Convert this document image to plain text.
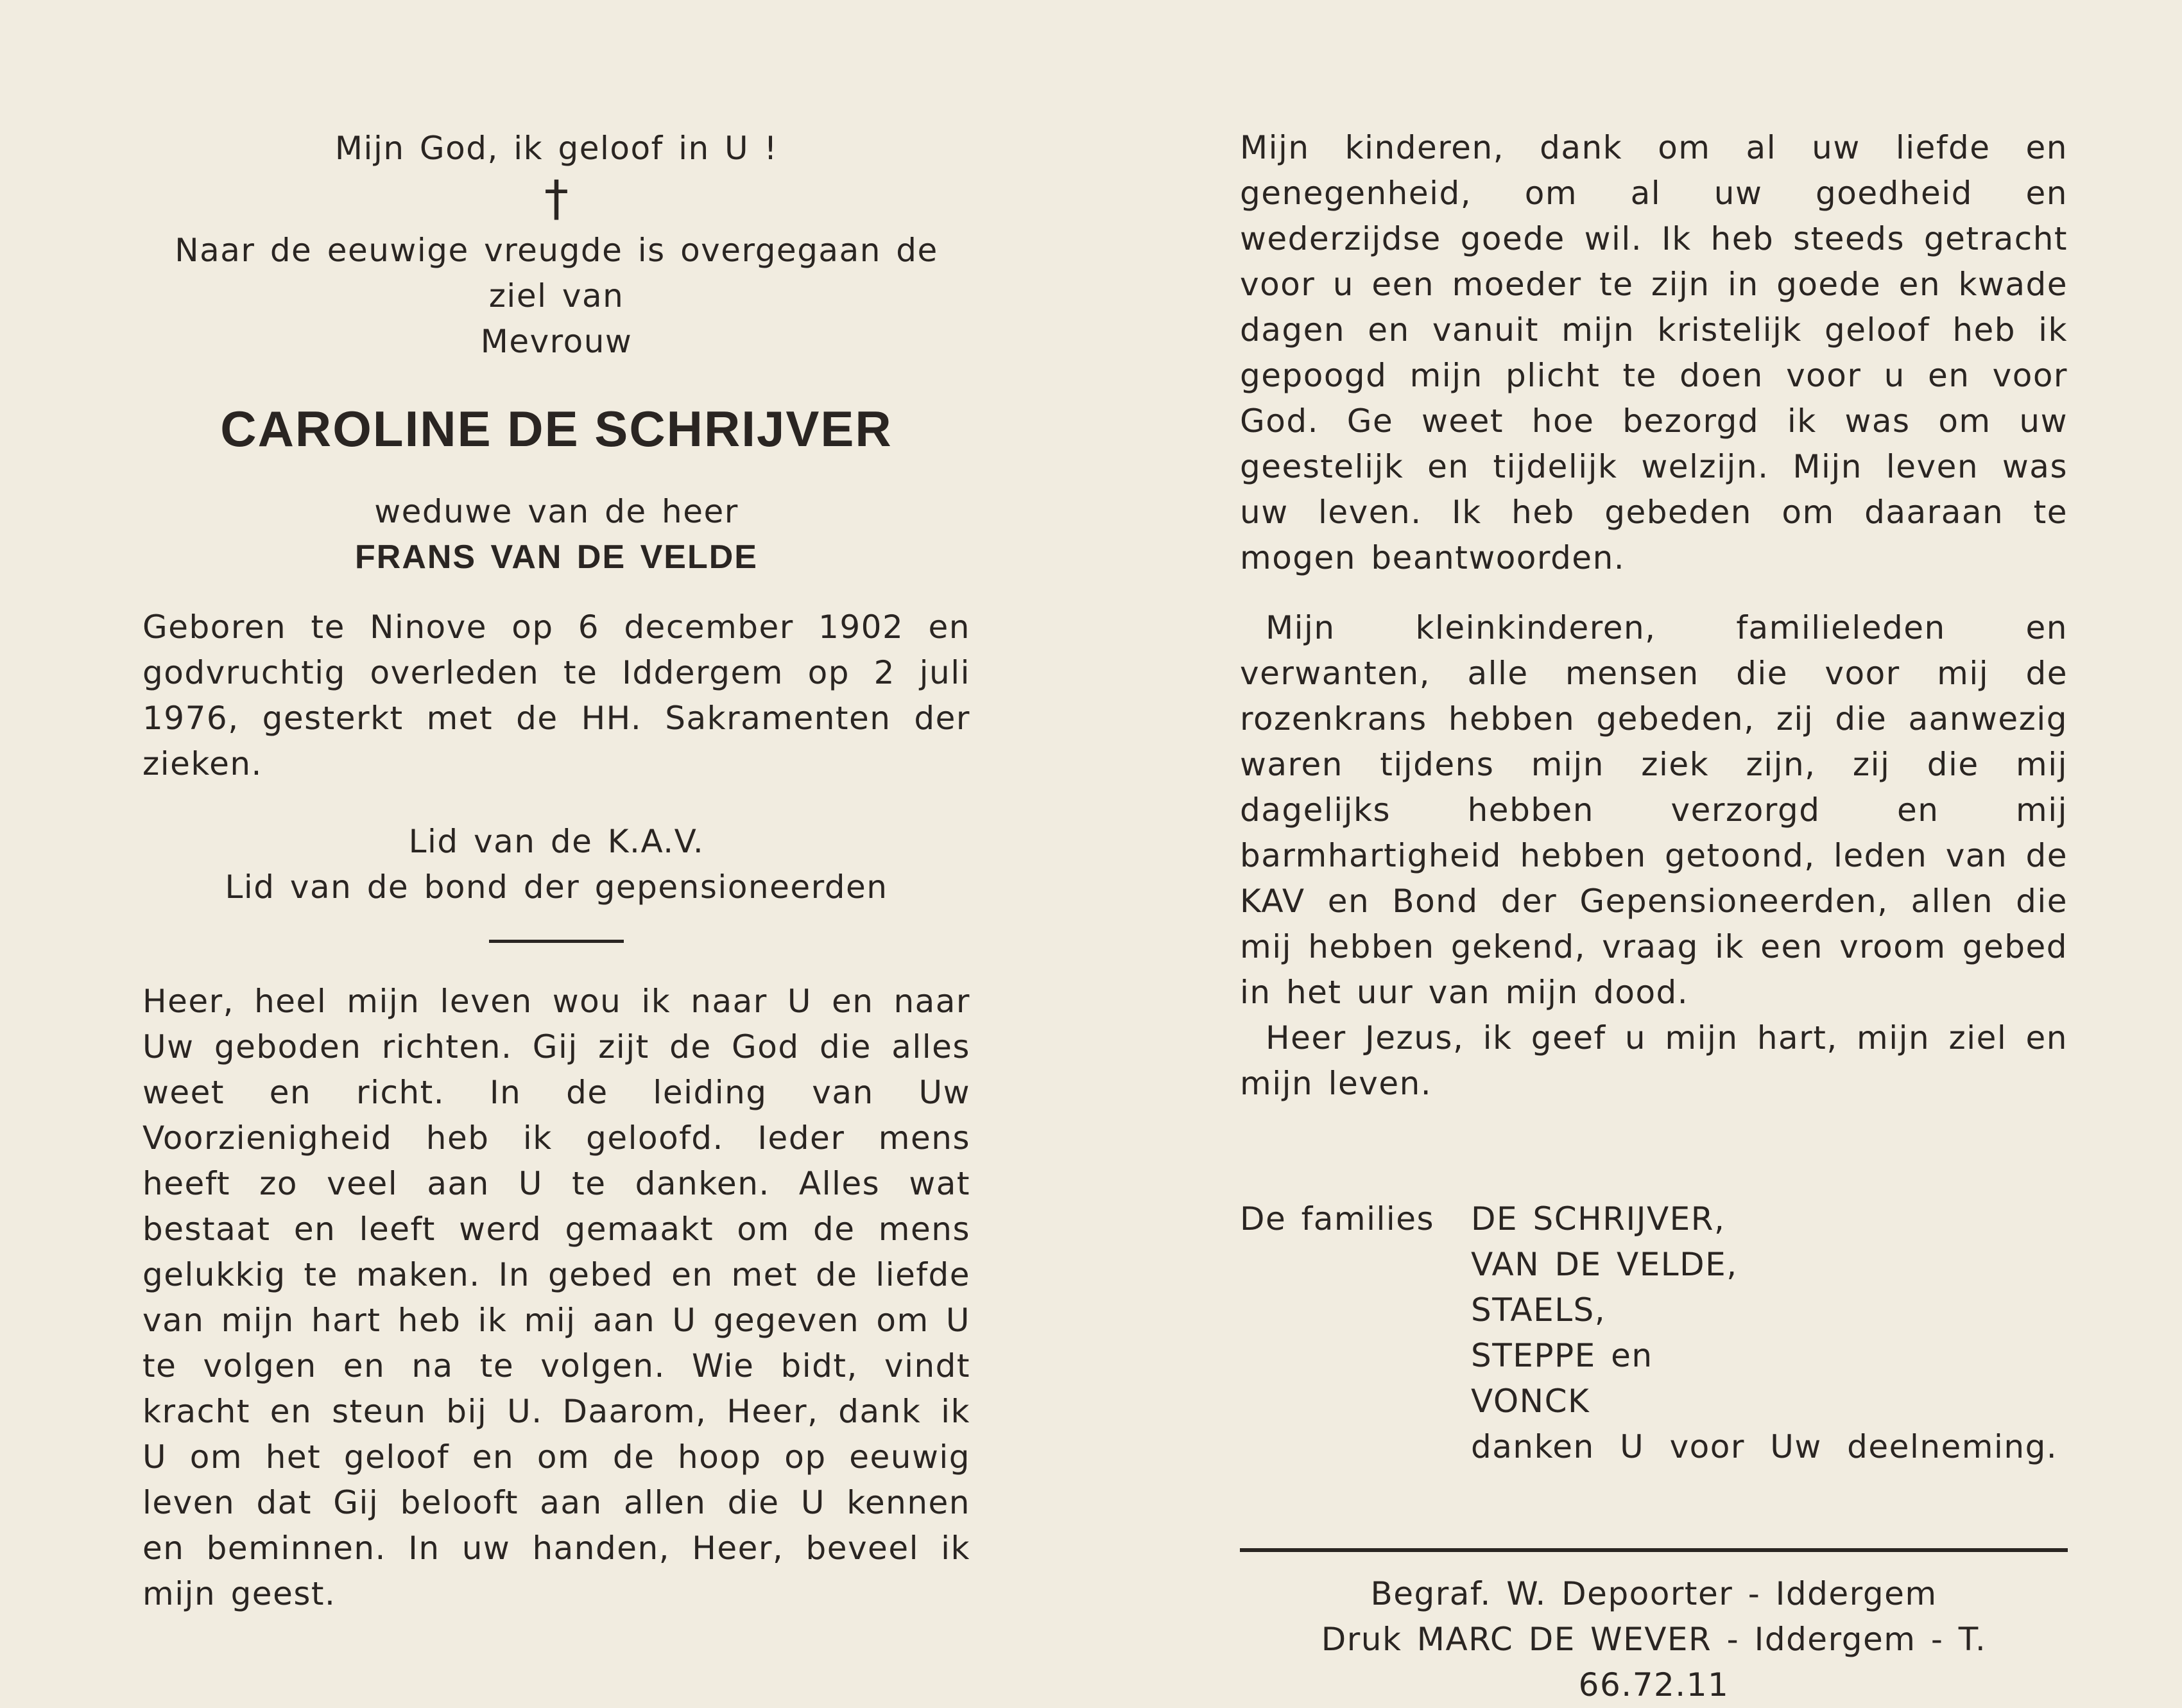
Mijn God, ik geloof in U !

†

Naar de eeuwige vreugde is overgegaan de ziel van

Mevrouw

CAROLINE DE SCHRIJVER

weduwe van de heer

FRANS VAN DE VELDE

Geboren te Ninove op 6 december 1902 en godvruchtig overleden te Iddergem op 2 juli 1976, gesterkt met de HH. Sakramenten der zieken.

Lid van de K.A.V.

Lid van de bond der gepensioneerden

Heer, heel mijn leven wou ik naar U en naar Uw geboden richten. Gij zijt de God die alles weet en richt. In de leiding van Uw Voorzienigheid heb ik geloofd. Ieder mens heeft zo veel aan U te danken. Alles wat bestaat en leeft werd gemaakt om de mens gelukkig te maken. In gebed en met de liefde van mijn hart heb ik mij aan U gegeven om U te volgen en na te volgen. Wie bidt, vindt kracht en steun bij U. Daarom, Heer, dank ik U om het geloof en om de hoop op eeuwig leven dat Gij belooft aan allen die U kennen en beminnen. In uw handen, Heer, beveel ik mijn geest.

Mijn kinderen, dank om al uw liefde en genegenheid, om al uw goedheid en wederzijdse goede wil. Ik heb steeds getracht voor u een moeder te zijn in goede en kwade dagen en vanuit mijn kristelijk geloof heb ik gepoogd mijn plicht te doen voor u en voor God. Ge weet hoe bezorgd ik was om uw geestelijk en tijdelijk welzijn. Mijn leven was uw leven. Ik heb gebeden om daaraan te mogen beantwoorden.

Mijn kleinkinderen, familieleden en verwanten, alle mensen die voor mij de rozenkrans hebben gebeden, zij die aanwezig waren tijdens mijn ziek zijn, zij die mij dagelijks hebben verzorgd en mij barmhartigheid hebben getoond, leden van de KAV en Bond der Gepensioneerden, allen die mij hebben gekend, vraag ik een vroom gebed in het uur van mijn dood.

Heer Jezus, ik geef u mijn hart, mijn ziel en mijn leven.

De families	DE SCHRIJVER,
VAN DE VELDE,
STAELS,
STEPPE en
VONCK
danken U voor Uw deelneming.

Begraf. W. Depoorter - Iddergem

Druk MARC DE WEVER - Iddergem - T. 66.72.11
